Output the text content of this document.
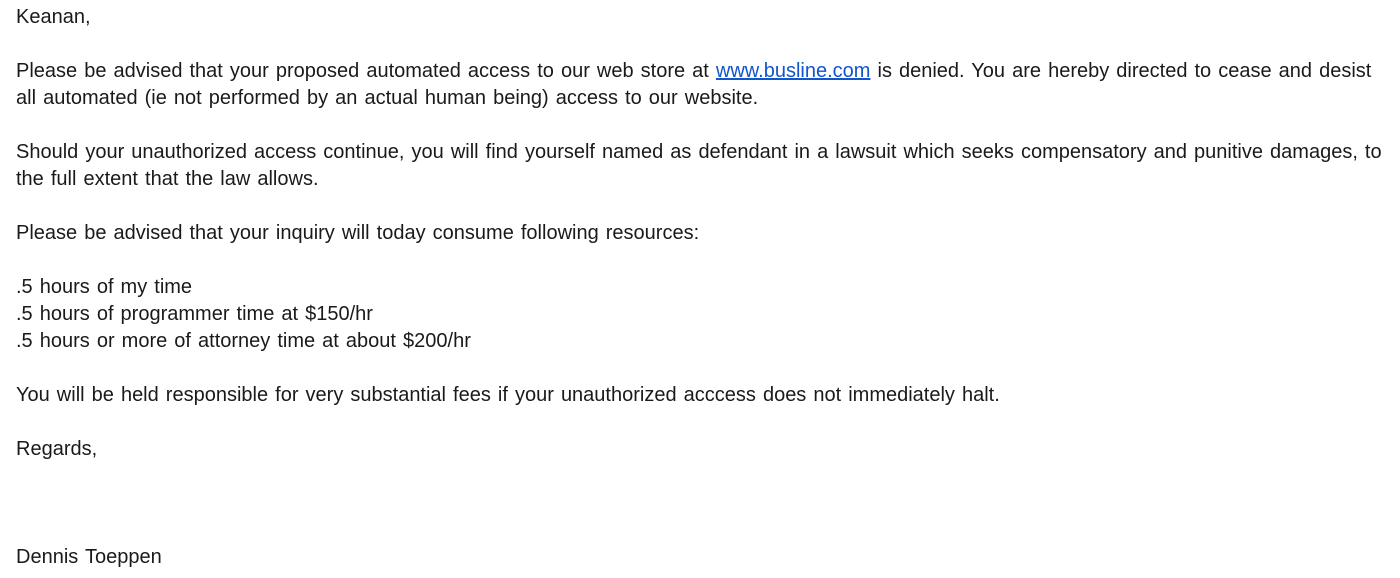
Keanan,

Please be advised that your proposed automated access to our web store at www.busline.com is denied. You are hereby directed to cease and desist all automated (ie not performed by an actual human being) access to our website.

Should your unauthorized access continue, you will find yourself named as defendant in a lawsuit which seeks compensatory and punitive damages, to the full extent that the law allows.

Please be advised that your inquiry will today consume following resources:

.5 hours of my time
.5 hours of programmer time at $150/hr
.5 hours or more of attorney time at about $200/hr

You will be held responsible for very substantial fees if your unauthorized acccess does not immediately halt.

Regards,

Dennis Toeppen
